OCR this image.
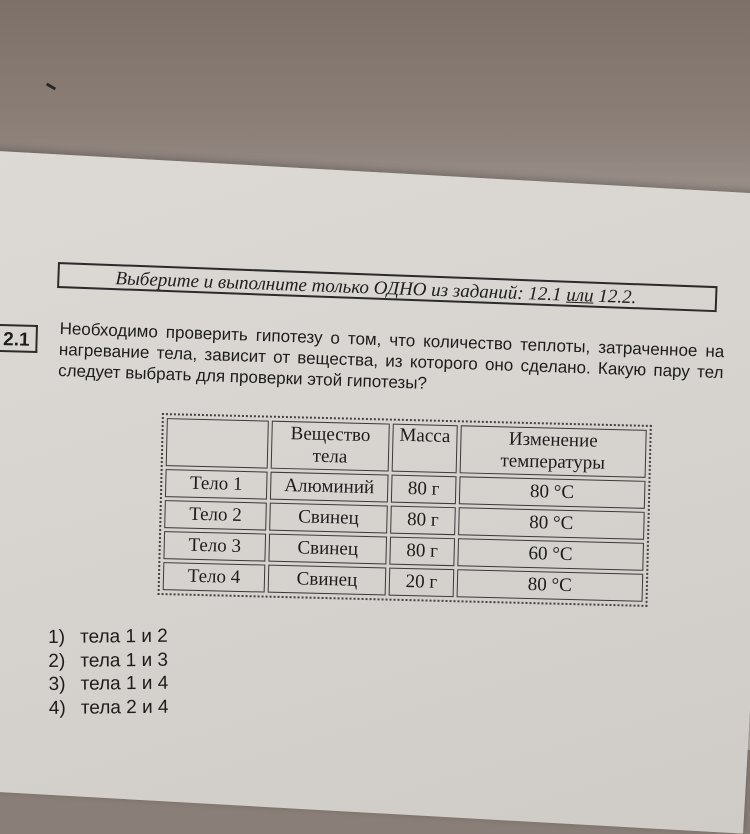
Выберите и выполните только ОДНО из заданий: 12.1 или 12.2.
2.1	Необходимо проверить гипотезу о том, что количество теплоты, затраченное на нагревание тела, зависит от вещества, из которого оно сделано. Какую пару тел следует выбрать для проверки этой гипотезы?
	Вещество тела	Масса	Изменение температуры
Тело 1	Алюминий	80 г	80 °C
Тело 2	Свинец	80 г	80 °C
Тело 3	Свинец	80 г	60 °C
Тело 4	Свинец	20 г	80 °C
1) тела 1 и 2
2) тела 1 и 3
3) тела 1 и 4
4) тела 2 и 4
